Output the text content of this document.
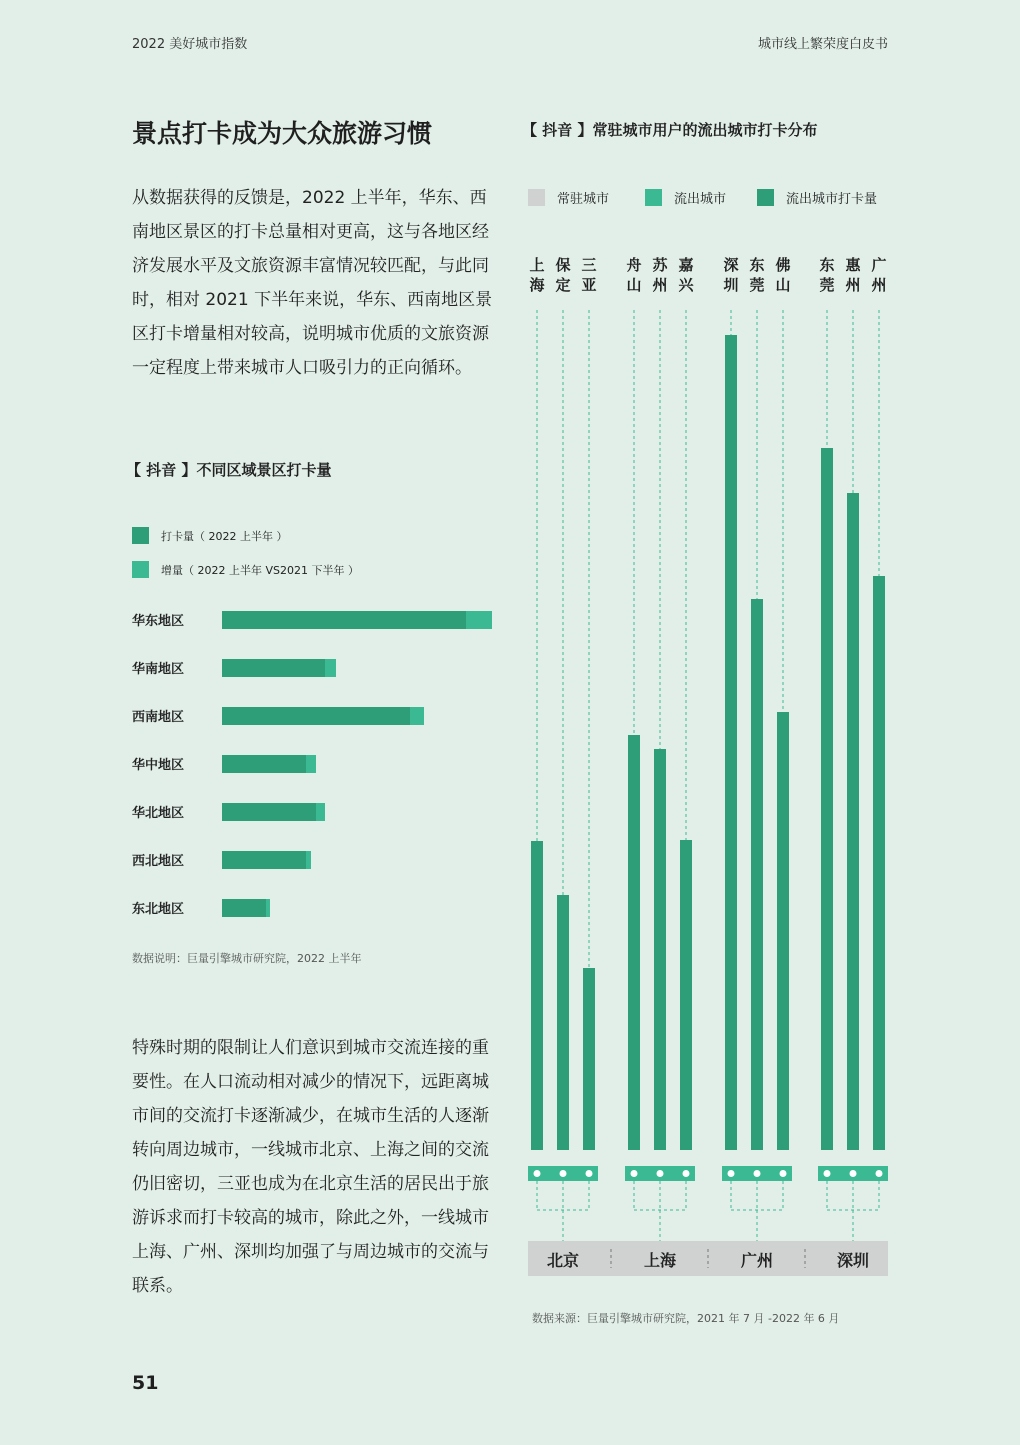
2022 美好城市指数	城市线上繁荣度白皮书
景点打卡成为大众旅游习惯
从数据获得的反馈是，2022 上半年，华东、西南地区景区的打卡总量相对更高，这与各地区经济发展水平及文旅资源丰富情况较匹配，与此同时，相对 2021 下半年来说，华东、西南地区景区打卡增量相对较高，说明城市优质的文旅资源一定程度上带来城市人口吸引力的正向循环。
【 抖音 】不同区域景区打卡量
打卡量（ 2022 上半年 ）
增量（ 2022 上半年 VS2021 下半年 ）
华东地区
华南地区
西南地区
华中地区
华北地区
西北地区
东北地区
数据说明：巨量引擎城市研究院，2022 上半年
特殊时期的限制让人们意识到城市交流连接的重要性。在人口流动相对减少的情况下，远距离城市间的交流打卡逐渐减少，在城市生活的人逐渐转向周边城市，一线城市北京、上海之间的交流仍旧密切，三亚也成为在北京生活的居民出于旅游诉求而打卡较高的城市，除此之外，一线城市上海、广州、深圳均加强了与周边城市的交流与联系。
51
【 抖音 】常驻城市用户的流出城市打卡分布
常驻城市	流出城市	流出城市打卡量
上
海
保
定
三
亚
北京
舟
山
苏
州
嘉
兴
上海
深
圳
东
莞
佛
山
广州
东
莞
惠
州
广
州
深圳
数据来源：巨量引擎城市研究院，2021 年 7 月 -2022 年 6 月
